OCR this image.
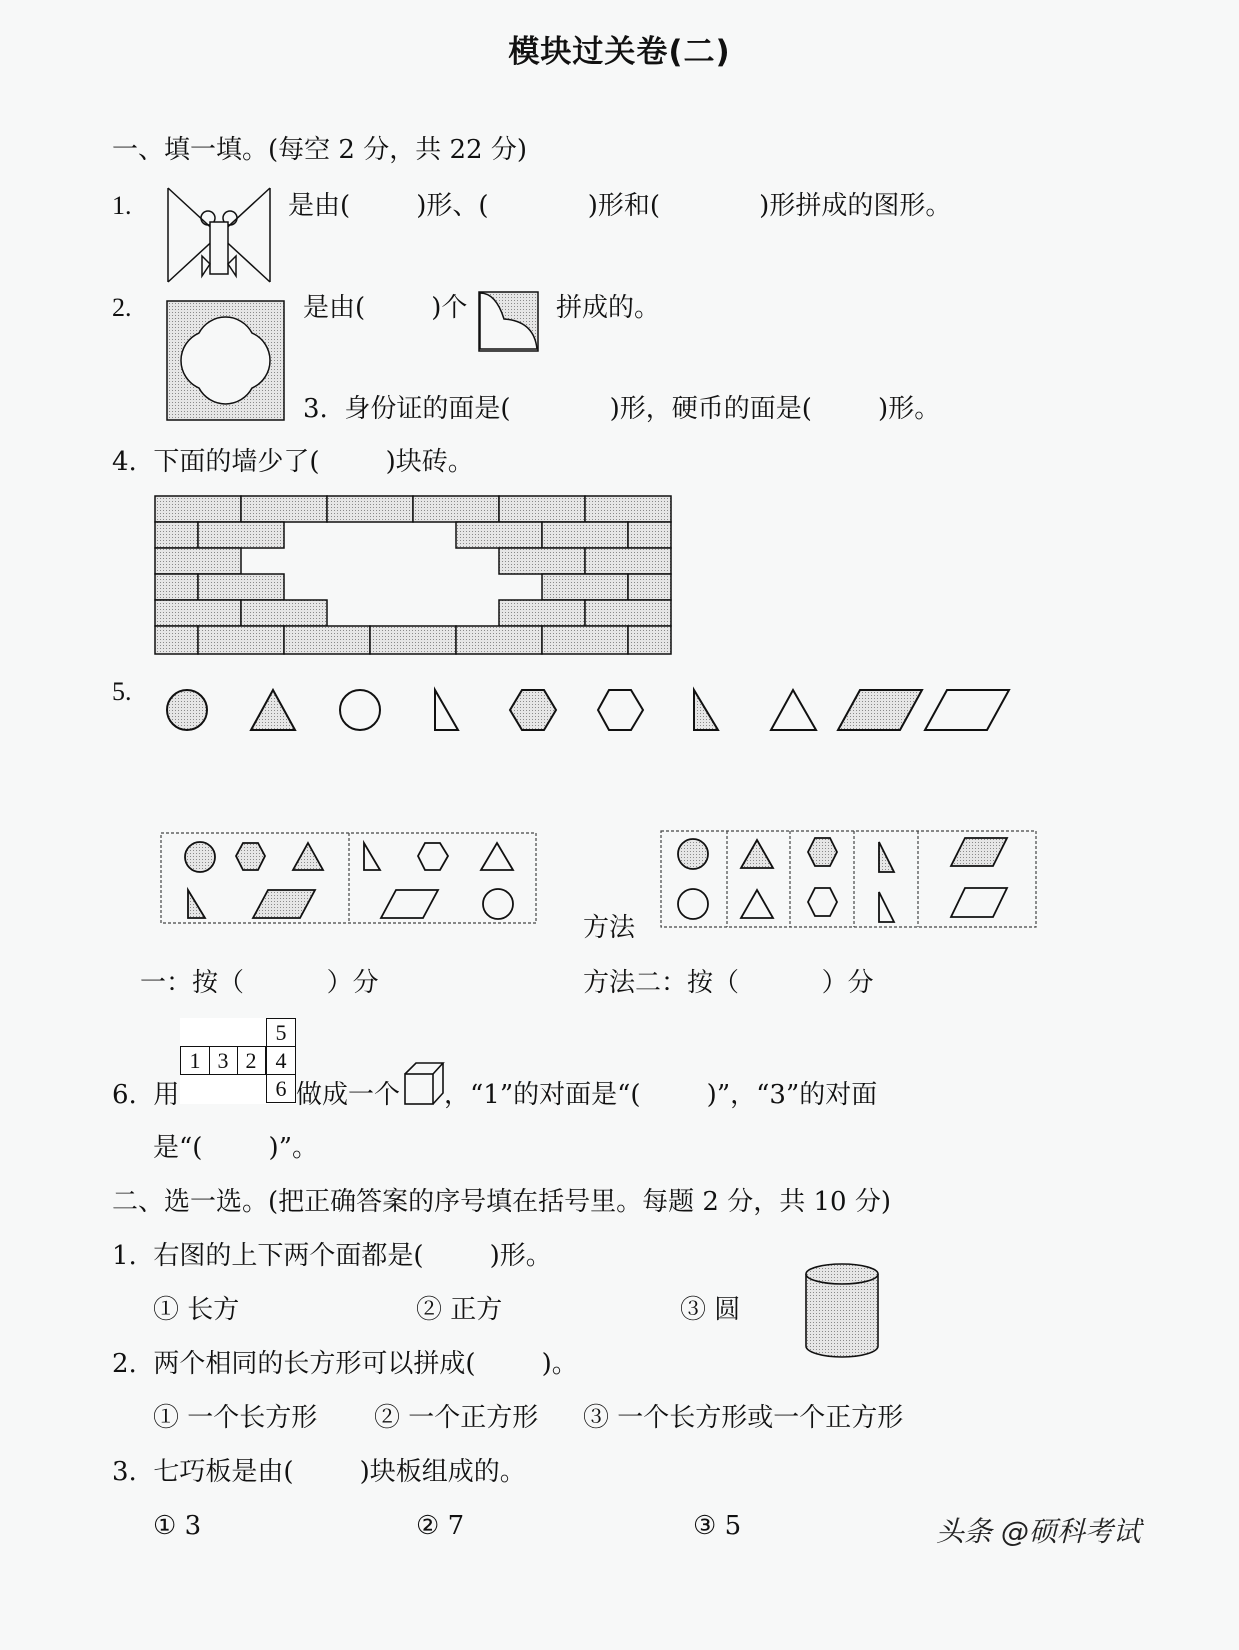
模块过关卷(二)
一、填一填。(每空 2 分，共 22 分)
1.	是由(        )形、(            )形和(            )形拼成的图形。
2.	是由(        )个	拼成的。
3.  身份证的面是(            )形，硬币的面是(        )形。
4.  下面的墙少了(        )块砖。
5.
方法
一：按（          ）分	方法二：按（          ）分
6.  用
5
1 3 2 4
6 做成一个 ，“1”的对面是“(        )”，“3”的对面
是“(        )”。
二、选一选。(把正确答案的序号填在括号里。每题 2 分，共 10 分)
1.  右图的上下两个面都是(        )形。
① 长方	② 正方	③ 圆
2.  两个相同的长方形可以拼成(        )。
① 一个长方形 ② 一个正方形 ③ 一个长方形或一个正方形
3.  七巧板是由(        )块板组成的。
① 3	② 7	③ 5	头条 @硕科考试
